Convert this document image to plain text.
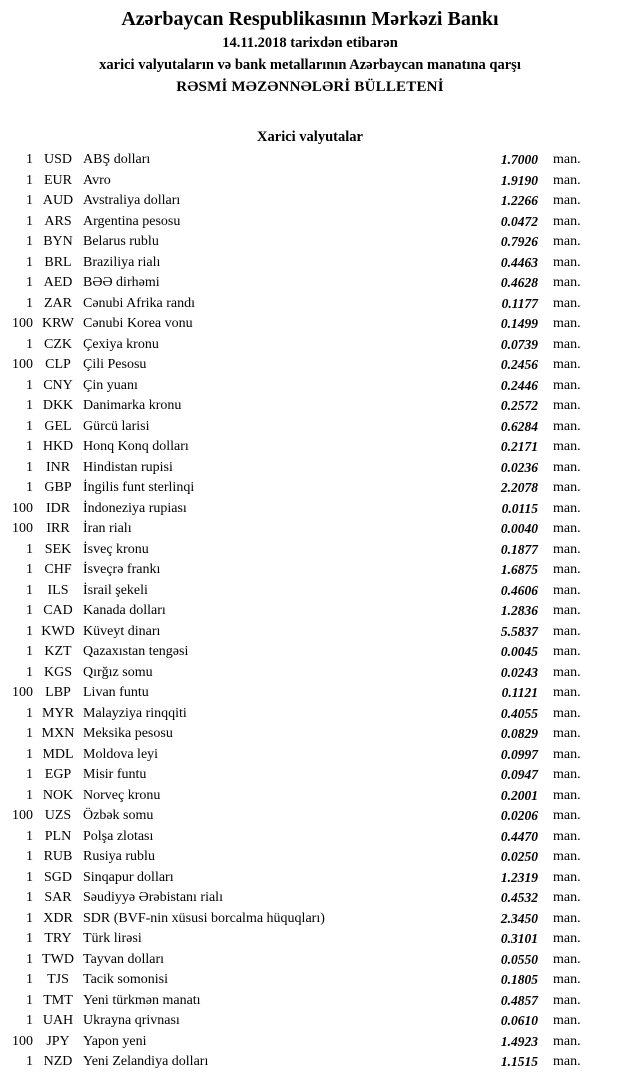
Azərbaycan Respublikasının Mərkəzi Bankı
14.11.2018 tarixdən etibarən
xarici valyutaların və bank metallarının Azərbaycan manatına qarşı
RƏSMİ MƏZƏNNƏLƏRİ BÜLLETENİ
Xarici valyutalar
1 USD ABŞ dolları	1.7000	man.
1 EUR Avro	1.9190	man.
1 AUD Avstraliya dolları	1.2266	man.
1 ARS Argentina pesosu	0.0472	man.
1 BYN Belarus rublu	0.7926	man.
1 BRL Braziliya rialı	0.4463	man.
1 AED BƏƏ dirhəmi	0.4628	man.
1 ZAR Cənubi Afrika randı	0.1177	man.
100 KRW Cənubi Korea vonu	0.1499	man.
1 CZK Çexiya kronu	0.0739	man.
100 CLP Çili Pesosu	0.2456	man.
1 CNY Çin yuanı	0.2446	man.
1 DKK Danimarka kronu	0.2572	man.
1 GEL Gürcü larisi	0.6284	man.
1 HKD Honq Konq dolları	0.2171	man.
1 INR Hindistan rupisi	0.0236	man.
1 GBP İngilis funt sterlinqi	2.2078	man.
100 IDR İndoneziya rupiası	0.0115	man.
100 IRR İran rialı	0.0040	man.
1 SEK İsveç kronu	0.1877	man.
1 CHF İsveçrə frankı	1.6875	man.
1	ILS	İsrail şekeli	0.4606	man.
1 CAD Kanada dolları	1.2836	man.
1 KWD Küveyt dinarı	5.5837	man.
1 KZT Qazaxıstan tengəsi	0.0045	man.
1 KGS Qırğız somu	0.0243	man.
100 LBP Livan funtu	0.1121	man.
1 MYR Malayziya rinqqiti	0.4055	man.
1 MXN Meksika pesosu	0.0829	man.
1 MDL Moldova leyi	0.0997	man.
1 EGP Misir funtu	0.0947	man.
1 NOK Norveç kronu	0.2001	man.
100 UZS Özbək somu	0.0206	man.
1 PLN Polşa zlotası	0.4470	man.
1 RUB Rusiya rublu	0.0250	man.
1 SGD Sinqapur dolları	1.2319	man.
1 SAR Səudiyyə Ərəbistanı rialı	0.4532	man.
1 XDR SDR (BVF-nin xüsusi borcalma hüquqları)	2.3450	man.
1 TRY Türk lirəsi	0.3101	man.
1 TWD Tayvan dolları	0.0550	man.
1	TJS	Tacik somonisi	0.1805	man.
1 TMT Yeni türkmən manatı	0.4857	man.
1 UAH Ukrayna qrivnası	0.0610	man.
100 JPY Yapon yeni	1.4923	man.
1 NZD Yeni Zelandiya dolları	1.1515	man.
